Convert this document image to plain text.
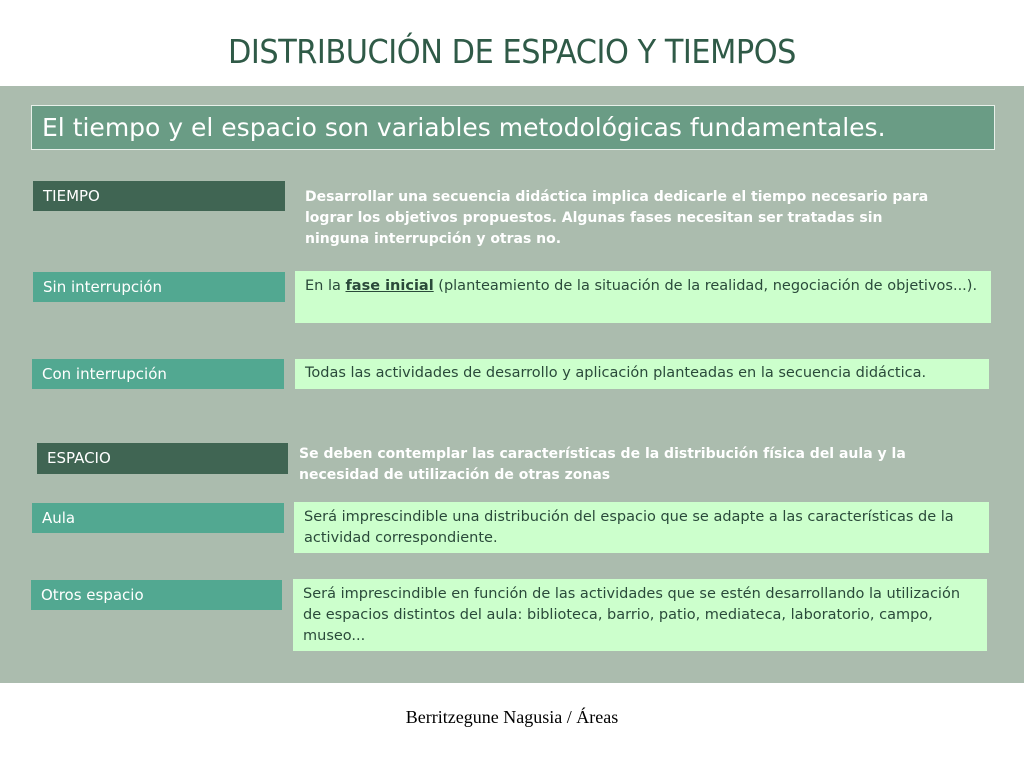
DISTRIBUCIÓN DE ESPACIO Y TIEMPOS
El tiempo y el espacio son variables metodológicas fundamentales.
TIEMPO	Desarrollar una secuencia didáctica implica dedicarle el tiempo necesario para lograr los objetivos propuestos. Algunas fases necesitan ser tratadas sin ninguna interrupción y otras no.
Sin interrupción	En la fase inicial (planteamiento de la situación de la realidad, negociación de objetivos...).
Con interrupción	Todas las actividades de desarrollo y aplicación planteadas en la secuencia didáctica.
ESPACIO	Se deben contemplar las características de la distribución física del aula y la necesidad de utilización de otras zonas
Aula	Será imprescindible una distribución del espacio que se adapte a las características de la actividad correspondiente.
Otros espacio	Será imprescindible en función de las actividades que se estén desarrollando la utilización de espacios distintos del aula: biblioteca, barrio, patio, mediateca, laboratorio, campo, museo...
Berritzegune Nagusia / Áreas
